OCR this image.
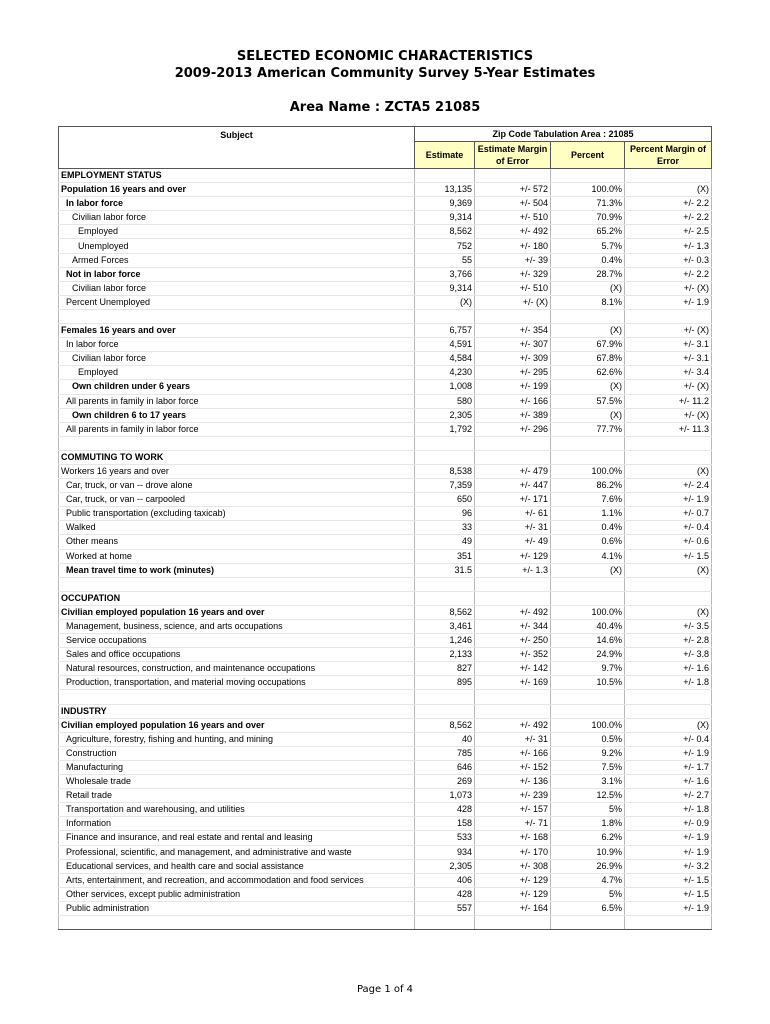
SELECTED ECONOMIC CHARACTERISTICS
2009-2013 American Community Survey 5-Year Estimates
Area Name : ZCTA5 21085
Subject	Zip Code Tabulation Area : 21085			
	Estimate	Estimate Margin of Error	Percent	Percent Margin of Error

EMPLOYMENT STATUS				
Population 16 years and over	13,135	+/- 572	100.0%	(X)
In labor force	9,369	+/- 504	71.3%	+/- 2.2
Civilian labor force	9,314	+/- 510	70.9%	+/- 2.2
Employed	8,562	+/- 492	65.2%	+/- 2.5
Unemployed	752	+/- 180	5.7%	+/- 1.3
Armed Forces	55	+/- 39	0.4%	+/- 0.3
Not in labor force	3,766	+/- 329	28.7%	+/- 2.2
Civilian labor force	9,314	+/- 510	(X)	+/- (X)
Percent Unemployed	(X)	+/- (X)	8.1%	+/- 1.9

Females 16 years and over	6,757	+/- 354	(X)	+/- (X)
In labor force	4,591	+/- 307	67.9%	+/- 3.1
Civilian labor force	4,584	+/- 309	67.8%	+/- 3.1
Employed	4,230	+/- 295	62.6%	+/- 3.4
Own children under 6 years	1,008	+/- 199	(X)	+/- (X)
All parents in family in labor force	580	+/- 166	57.5%	+/- 11.2
Own children 6 to 17 years	2,305	+/- 389	(X)	+/- (X)
All parents in family in labor force	1,792	+/- 296	77.7%	+/- 11.3

COMMUTING TO WORK				
Workers 16 years and over	8,538	+/- 479	100.0%	(X)
Car, truck, or van -- drove alone	7,359	+/- 447	86.2%	+/- 2.4
Car, truck, or van -- carpooled	650	+/- 171	7.6%	+/- 1.9
Public transportation (excluding taxicab)	96	+/- 61	1.1%	+/- 0.7
Walked	33	+/- 31	0.4%	+/- 0.4
Other means	49	+/- 49	0.6%	+/- 0.6
Worked at home	351	+/- 129	4.1%	+/- 1.5
Mean travel time to work (minutes)	31.5	+/- 1.3	(X)	(X)

OCCUPATION				
Civilian employed population 16 years and over	8,562	+/- 492	100.0%	(X)
Management, business, science, and arts occupations	3,461	+/- 344	40.4%	+/- 3.5
Service occupations	1,246	+/- 250	14.6%	+/- 2.8
Sales and office occupations	2,133	+/- 352	24.9%	+/- 3.8
Natural resources, construction, and maintenance occupations	827	+/- 142	9.7%	+/- 1.6
Production, transportation, and material moving occupations	895	+/- 169	10.5%	+/- 1.8

INDUSTRY				
Civilian employed population 16 years and over	8,562	+/- 492	100.0%	(X)
Agriculture, forestry, fishing and hunting, and mining	40	+/- 31	0.5%	+/- 0.4
Construction	785	+/- 166	9.2%	+/- 1.9
Manufacturing	646	+/- 152	7.5%	+/- 1.7
Wholesale trade	269	+/- 136	3.1%	+/- 1.6
Retail trade	1,073	+/- 239	12.5%	+/- 2.7
Transportation and warehousing, and utilities	428	+/- 157	5%	+/- 1.8
Information	158	+/- 71	1.8%	+/- 0.9
Finance and insurance, and real estate and rental and leasing	533	+/- 168	6.2%	+/- 1.9
Professional, scientific, and management, and administrative and waste	934	+/- 170	10.9%	+/- 1.9
Educational services, and health care and social assistance	2,305	+/- 308	26.9%	+/- 3.2
Arts, entertainment, and recreation, and accommodation and food services	406	+/- 129	4.7%	+/- 1.5
Other services, except public administration	428	+/- 129	5%	+/- 1.5
Public administration	557	+/- 164	6.5%	+/- 1.9

Page 1 of 4
